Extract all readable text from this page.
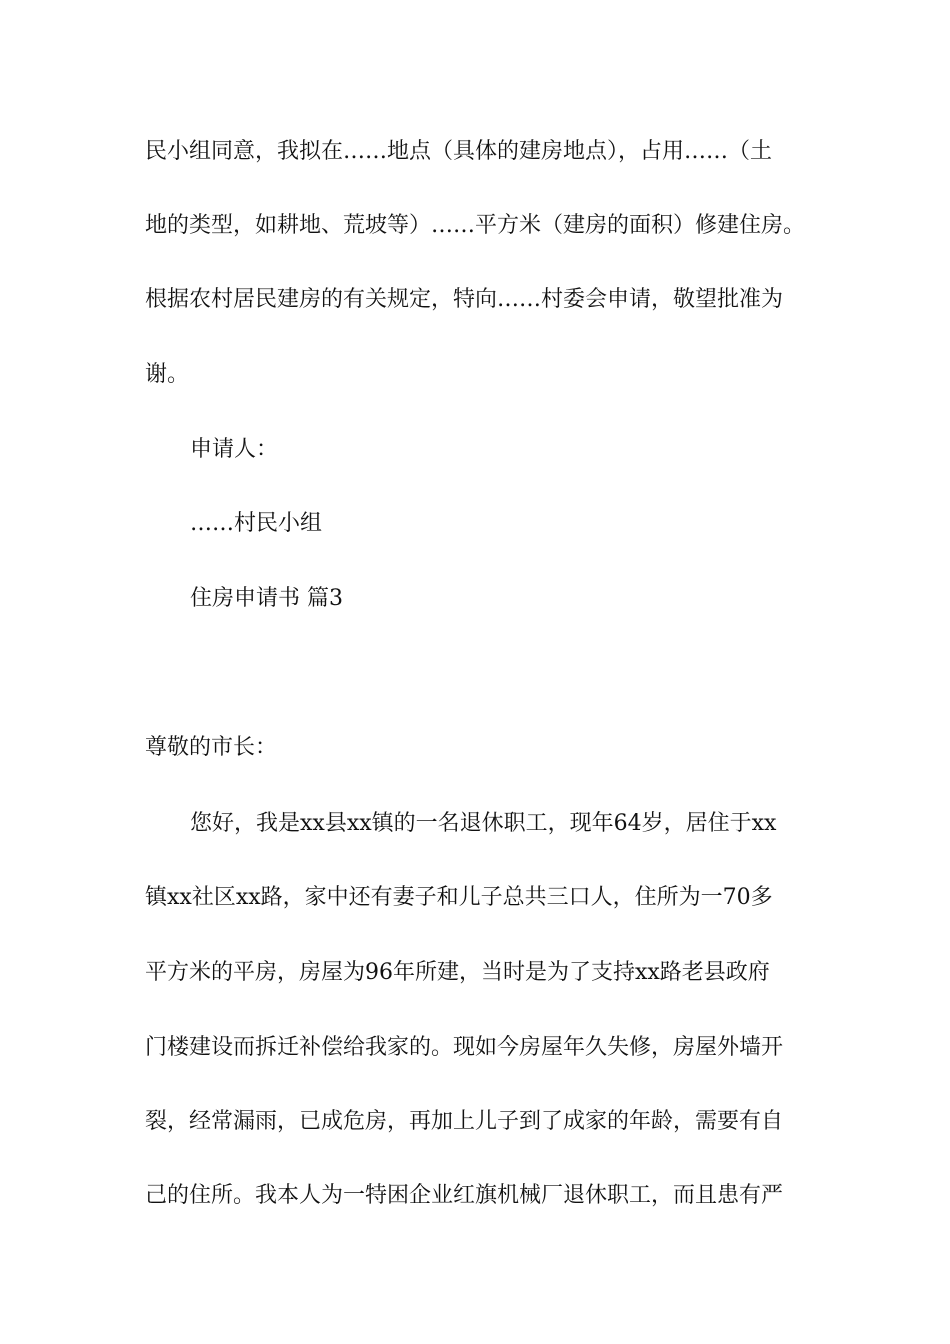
民小组同意，我拟在……地点（具体的建房地点），占用……（土
地的类型，如耕地、荒坡等）……平方米（建房的面积）修建住房。
根据农村居民建房的有关规定，特向……村委会申请，敬望批准为
谢。
申请人：
……村民小组
住房申请书 篇3
尊敬的市长：
您好，我是xx县xx镇的一名退休职工，现年64岁，居住于xx
镇xx社区xx路，家中还有妻子和儿子总共三口人，住所为一70多
平方米的平房，房屋为96年所建，当时是为了支持xx路老县政府
门楼建设而拆迁补偿给我家的。现如今房屋年久失修，房屋外墙开
裂，经常漏雨，已成危房，再加上儿子到了成家的年龄，需要有自
己的住所。我本人为一特困企业红旗机械厂退休职工，而且患有严
